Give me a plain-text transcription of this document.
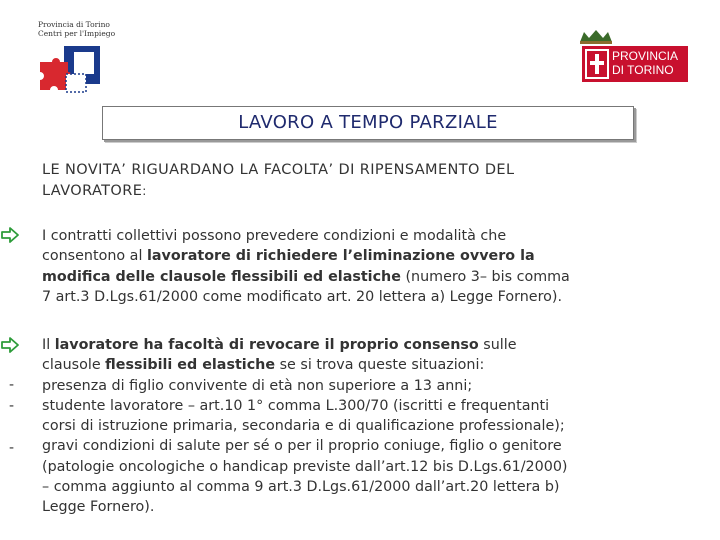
Provincia di Torino
Centri per l'Impiego
PROVINCIA
DI TORINO
LAVORO A TEMPO PARZIALE
LE NOVITA’ RIGUARDANO LA FACOLTA’ DI RIPENSAMENTO DEL
LAVORATORE:
I contratti collettivi possono prevedere condizioni e modalità che
consentono al lavoratore di richiedere l’eliminazione ovvero la
modifica delle clausole flessibili ed elastiche (numero 3– bis comma
7 art.3 D.Lgs.61/2000 come modificato art. 20 lettera a) Legge Fornero).
Il lavoratore ha facoltà di revocare il proprio consenso sulle
clausole flessibili ed elastiche se si trova queste situazioni:
presenza di figlio convivente di età non superiore a 13 anni;
studente lavoratore – art.10 1° comma L.300/70 (iscritti e frequentanti
corsi di istruzione primaria, secondaria e di qualificazione professionale);
gravi condizioni di salute per sé o per il proprio coniuge, figlio o genitore
(patologie oncologiche o handicap previste dall’art.12 bis D.Lgs.61/2000)
– comma aggiunto al comma 9 art.3 D.Lgs.61/2000 dall’art.20 lettera b)
Legge Fornero).
-
-
-
